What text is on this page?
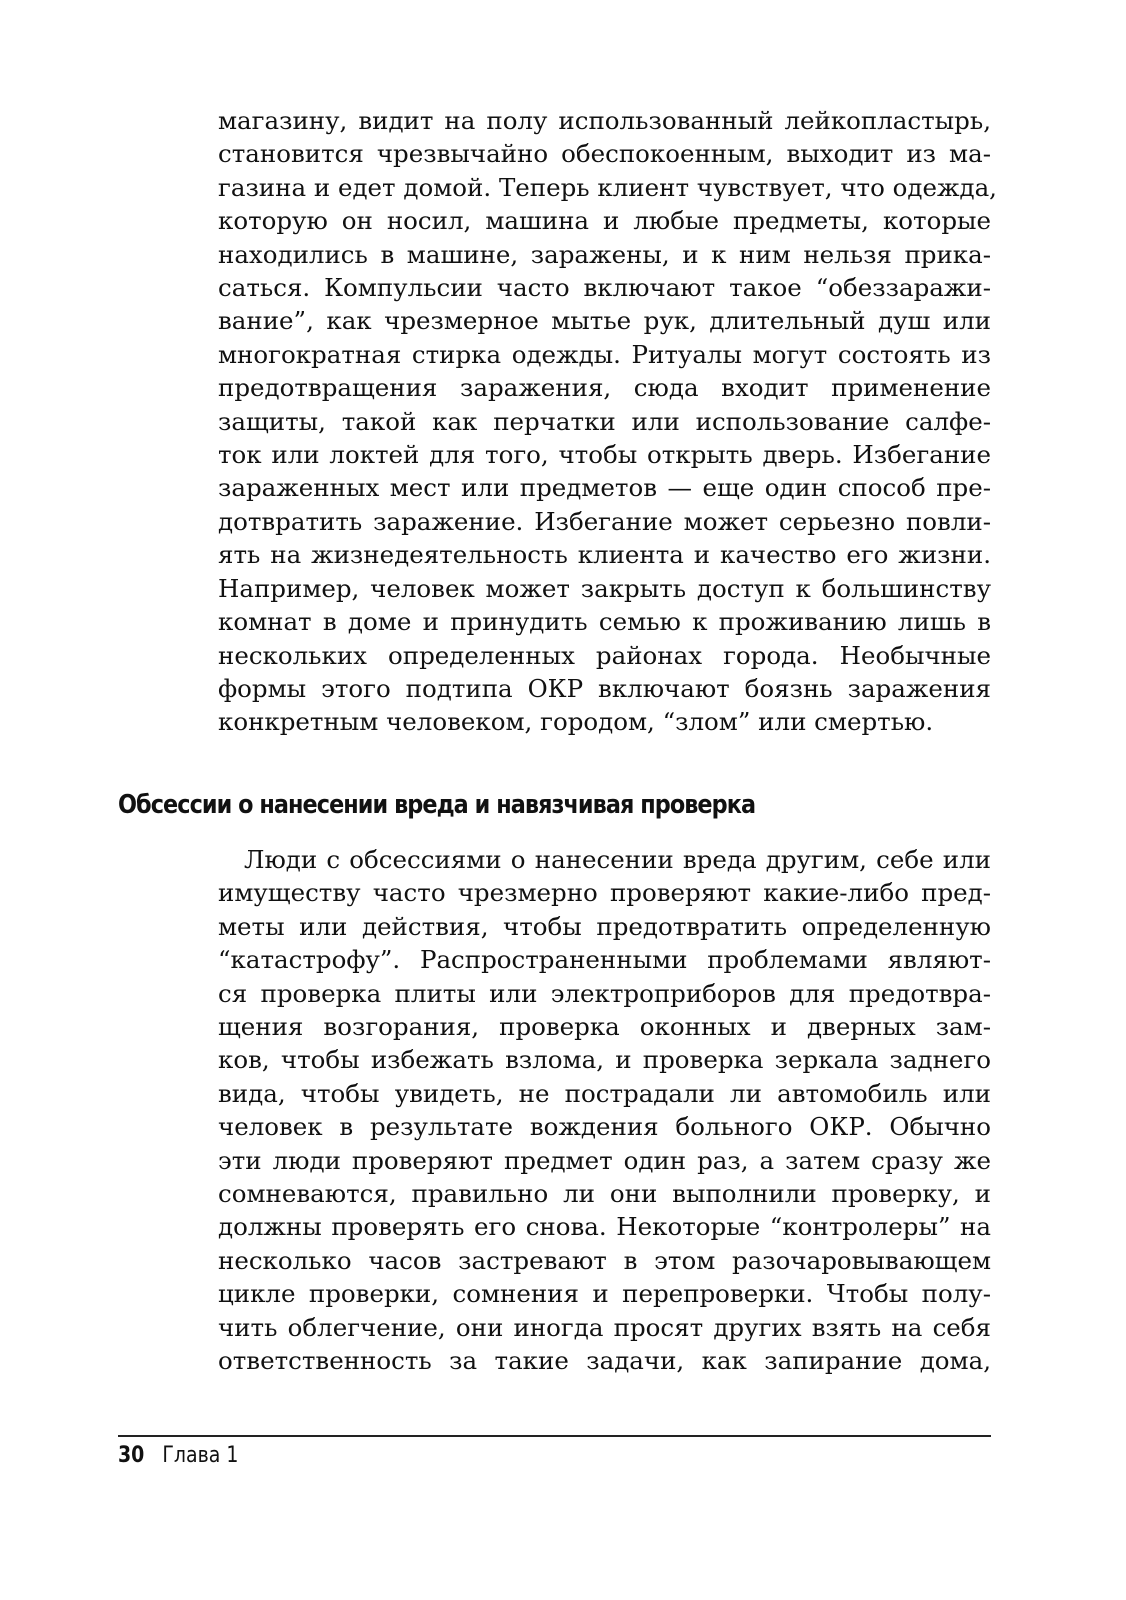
магазину, видит на полу использованный лейкопластырь,
становится чрезвычайно обеспокоенным, выходит из ма-
газина и едет домой. Теперь клиент чувствует, что одежда,
которую он носил, машина и любые предметы, которые
находились в машине, заражены, и к ним нельзя прика-
саться. Компульсии часто включают такое “обеззаражи-
вание”, как чрезмерное мытье рук, длительный душ или
многократная стирка одежды. Ритуалы могут состоять из
предотвращения заражения, сюда входит применение
защиты, такой как перчатки или использование салфе-
ток или локтей для того, чтобы открыть дверь. Избегание
зараженных мест или предметов — еще один способ пре-
дотвратить заражение. Избегание может серьезно повли-
ять на жизнедеятельность клиента и качество его жизни.
Например, человек может закрыть доступ к большинству
комнат в доме и принудить семью к проживанию лишь в
нескольких определенных районах города. Необычные
формы этого подтипа ОКР включают боязнь заражения
конкретным человеком, городом, “злом” или смертью.

Обсессии о нанесении вреда и навязчивая проверка

Люди с обсессиями о нанесении вреда другим, себе или
имуществу часто чрезмерно проверяют какие-либо пред-
меты или действия, чтобы предотвратить определенную
“катастрофу”. Распространенными проблемами являют-
ся проверка плиты или электроприборов для предотвра-
щения возгорания, проверка оконных и дверных зам-
ков, чтобы избежать взлома, и проверка зеркала заднего
вида, чтобы увидеть, не пострадали ли автомобиль или
человек в результате вождения больного ОКР. Обычно
эти люди проверяют предмет один раз, а затем сразу же
сомневаются, правильно ли они выполнили проверку, и
должны проверять его снова. Некоторые “контролеры” на
несколько часов застревают в этом разочаровывающем
цикле проверки, сомнения и перепроверки. Чтобы полу-
чить облегчение, они иногда просят других взять на себя
ответственность за такие задачи, как запирание дома,

30 Глава 1
